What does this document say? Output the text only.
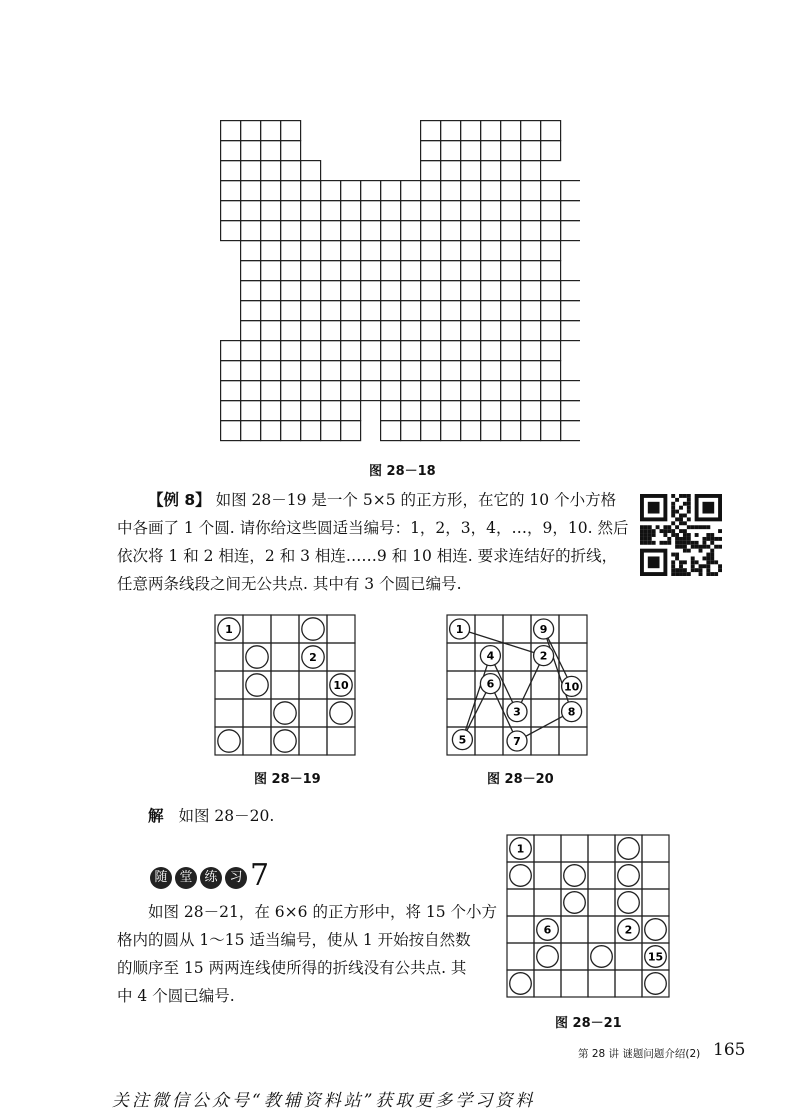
图 28－18
【例 8】 如图 28－19 是一个 5×5 的正方形，在它的 10 个小方格
中各画了 1 个圆. 请你给这些圆适当编号：1，2，3，4，…，9，10. 然后
依次将 1 和 2 相连，2 和 3 相连……9 和 10 相连. 要求连结好的折线，
任意两条线段之间无公共点. 其中有 3 个圆已编号.
1
2
10
图 28－19
1	9
4	2
6	10
3	8
5	7
图 28－20
解 如图 28－20.
随 堂 练 习 7
如图 28－21，在 6×6 的正方形中，将 15 个小方
格内的圆从 1～15 适当编号，使从 1 开始按自然数
的顺序至 15 两两连线使所得的折线没有公共点. 其
中 4 个圆已编号.
1
6	2
15
图 28－21
第 28 讲 谜题问题介绍(2) 165
关注微信公众号“教辅资料站”获取更多学习资料
